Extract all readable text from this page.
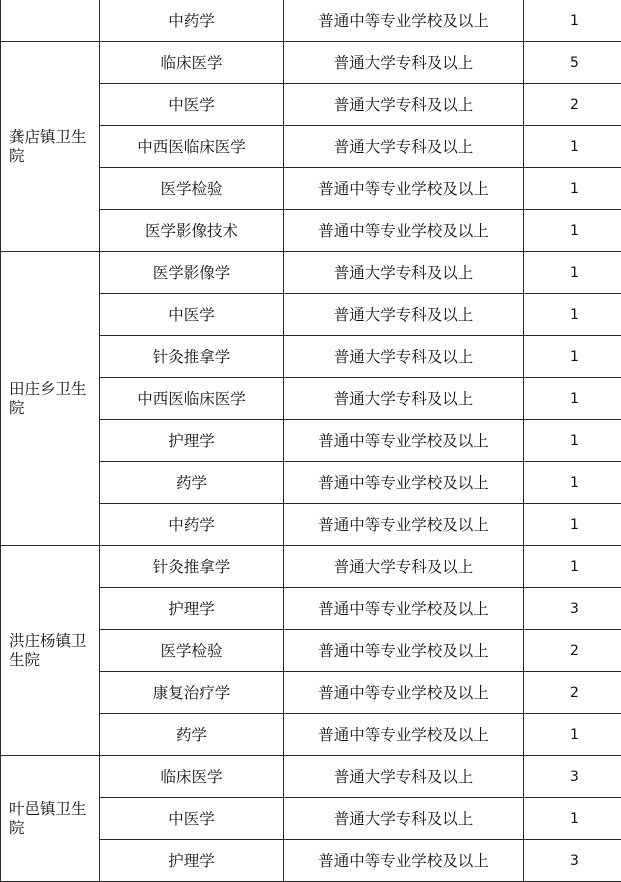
	中药学	普通中等专业学校及以上	1
龚店镇卫生院	临床医学	普通大学专科及以上	5
	中医学	普通大学专科及以上	2
	中西医临床医学	普通大学专科及以上	1
	医学检验	普通中等专业学校及以上	1
	医学影像技术	普通中等专业学校及以上	1
田庄乡卫生院	医学影像学	普通大学专科及以上	1
	中医学	普通大学专科及以上	1
	针灸推拿学	普通大学专科及以上	1
	中西医临床医学	普通大学专科及以上	1
	护理学	普通中等专业学校及以上	1
	药学	普通中等专业学校及以上	1
	中药学	普通中等专业学校及以上	1
洪庄杨镇卫生院	针灸推拿学	普通大学专科及以上	1
	护理学	普通中等专业学校及以上	3
	医学检验	普通中等专业学校及以上	2
	康复治疗学	普通中等专业学校及以上	2
	药学	普通中等专业学校及以上	1
叶邑镇卫生院	临床医学	普通大学专科及以上	3
	中医学	普通大学专科及以上	1
	护理学	普通中等专业学校及以上	3
